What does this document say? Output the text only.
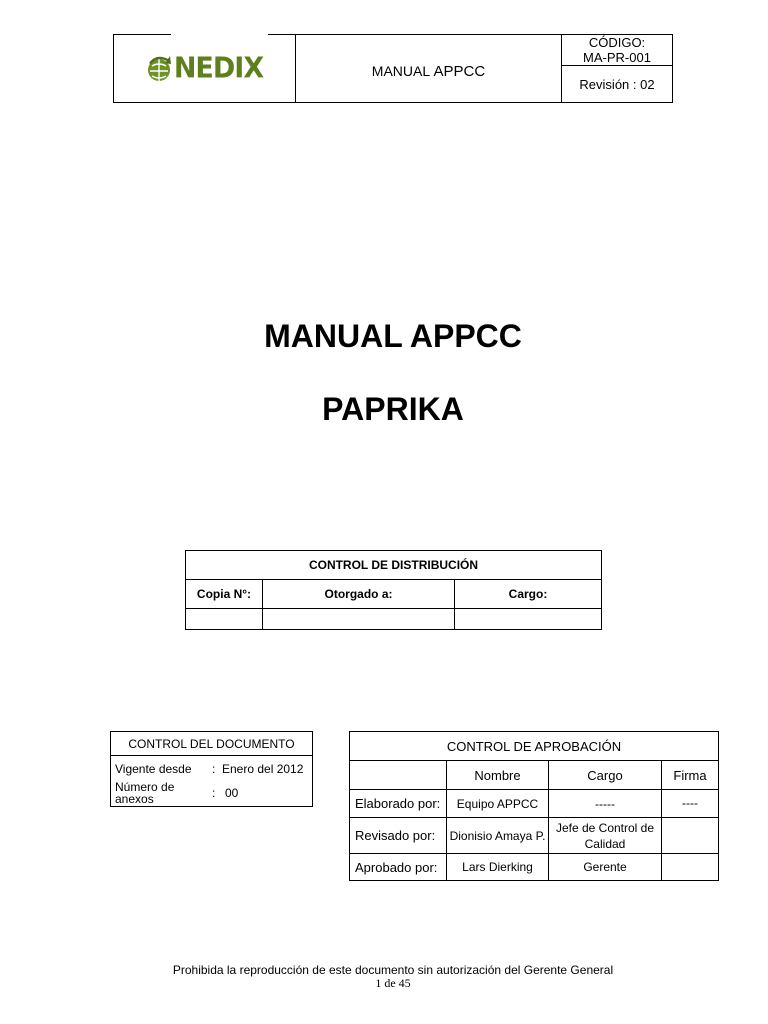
NEDIX	MANUAL APPCC	
CÓDIGO:
MA-PR-001

Revisión : 02
MANUAL APPCC
PAPRIKA
CONTROL DE DISTRIBUCIÓN		
Copia N°:	Otorgado a:	Cargo:

CONTROL DEL DOCUMENTO
Vigente desde	: Enero del 2012
Número de anexos	: 00
CONTROL DE APROBACIÓN			
	Nombre	Cargo	Firma
Elaborado por:	Equipo APPCC	-----	----
Revisado por:	Dionisio Amaya P.	Jefe de Control de Calidad	
Aprobado por:	Lars Dierking	Gerente	
Prohibida la reproducción de este documento sin autorización del Gerente General
1 de 45
